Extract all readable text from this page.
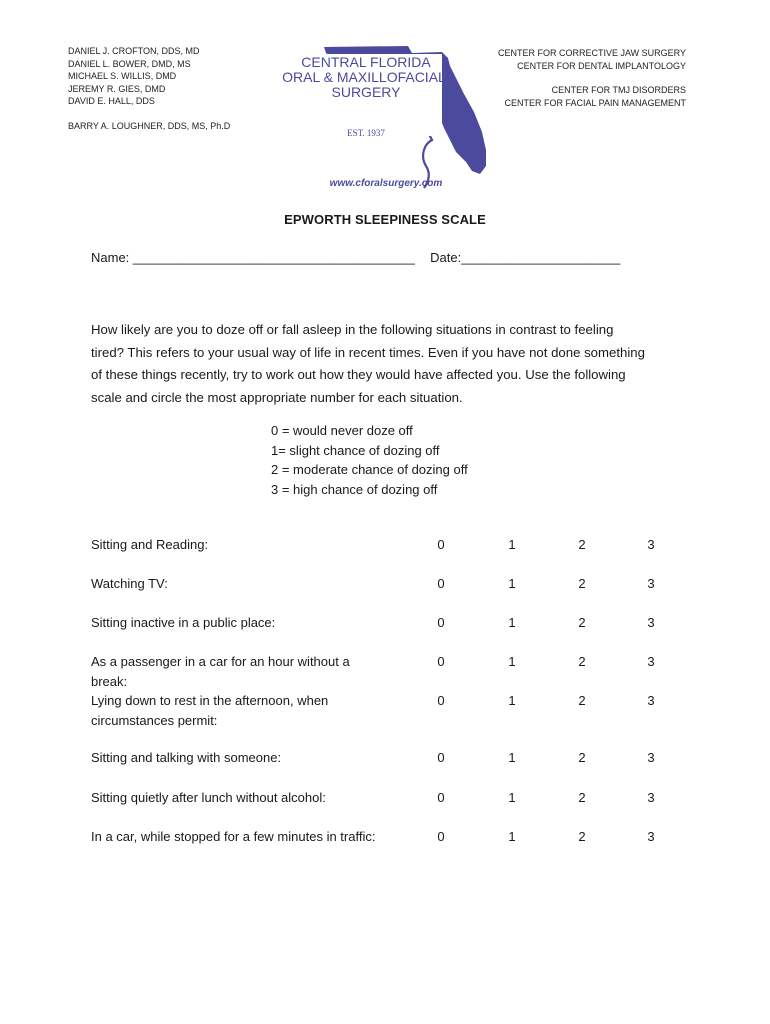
DANIEL J. CROFTON, DDS, MD
DANIEL L. BOWER, DMD, MS
MICHAEL S. WILLIS, DMD
JEREMY R. GIES, DMD
DAVID E. HALL, DDS
BARRY A. LOUGHNER, DDS, MS, Ph.D
CENTER FOR CORRECTIVE JAW SURGERY
CENTER FOR DENTAL IMPLANTOLOGY
CENTER FOR TMJ DISORDERS
CENTER FOR FACIAL PAIN MANAGEMENT
CENTRAL FLORIDA
ORAL & MAXILLOFACIAL
SURGERY
EST. 1937
www.cforalsurgery.com
EPWORTH SLEEPINESS SCALE
Name: _______________________________________ Date:______________________
How likely are you to doze off or fall asleep in the following situations in contrast to feeling
tired? This refers to your usual way of life in recent times. Even if you have not done something
of these things recently, try to work out how they would have affected you. Use the following
scale and circle the most appropriate number for each situation.
0 = would never doze off
1= slight chance of dozing off
2 = moderate chance of dozing off
3 = high chance of dozing off
Sitting and Reading:	0	1	2	3
Watching TV:	0	1	2	3
Sitting inactive in a public place:	0	1	2	3
As a passenger in a car for an hour without a
break:
0	1	2	3
Lying down to rest in the afternoon, when
circumstances permit:
0	1	2	3
Sitting and talking with someone:	0	1	2	3
Sitting quietly after lunch without alcohol:	0	1	2	3
In a car, while stopped for a few minutes in traffic:	0	1	2	3
